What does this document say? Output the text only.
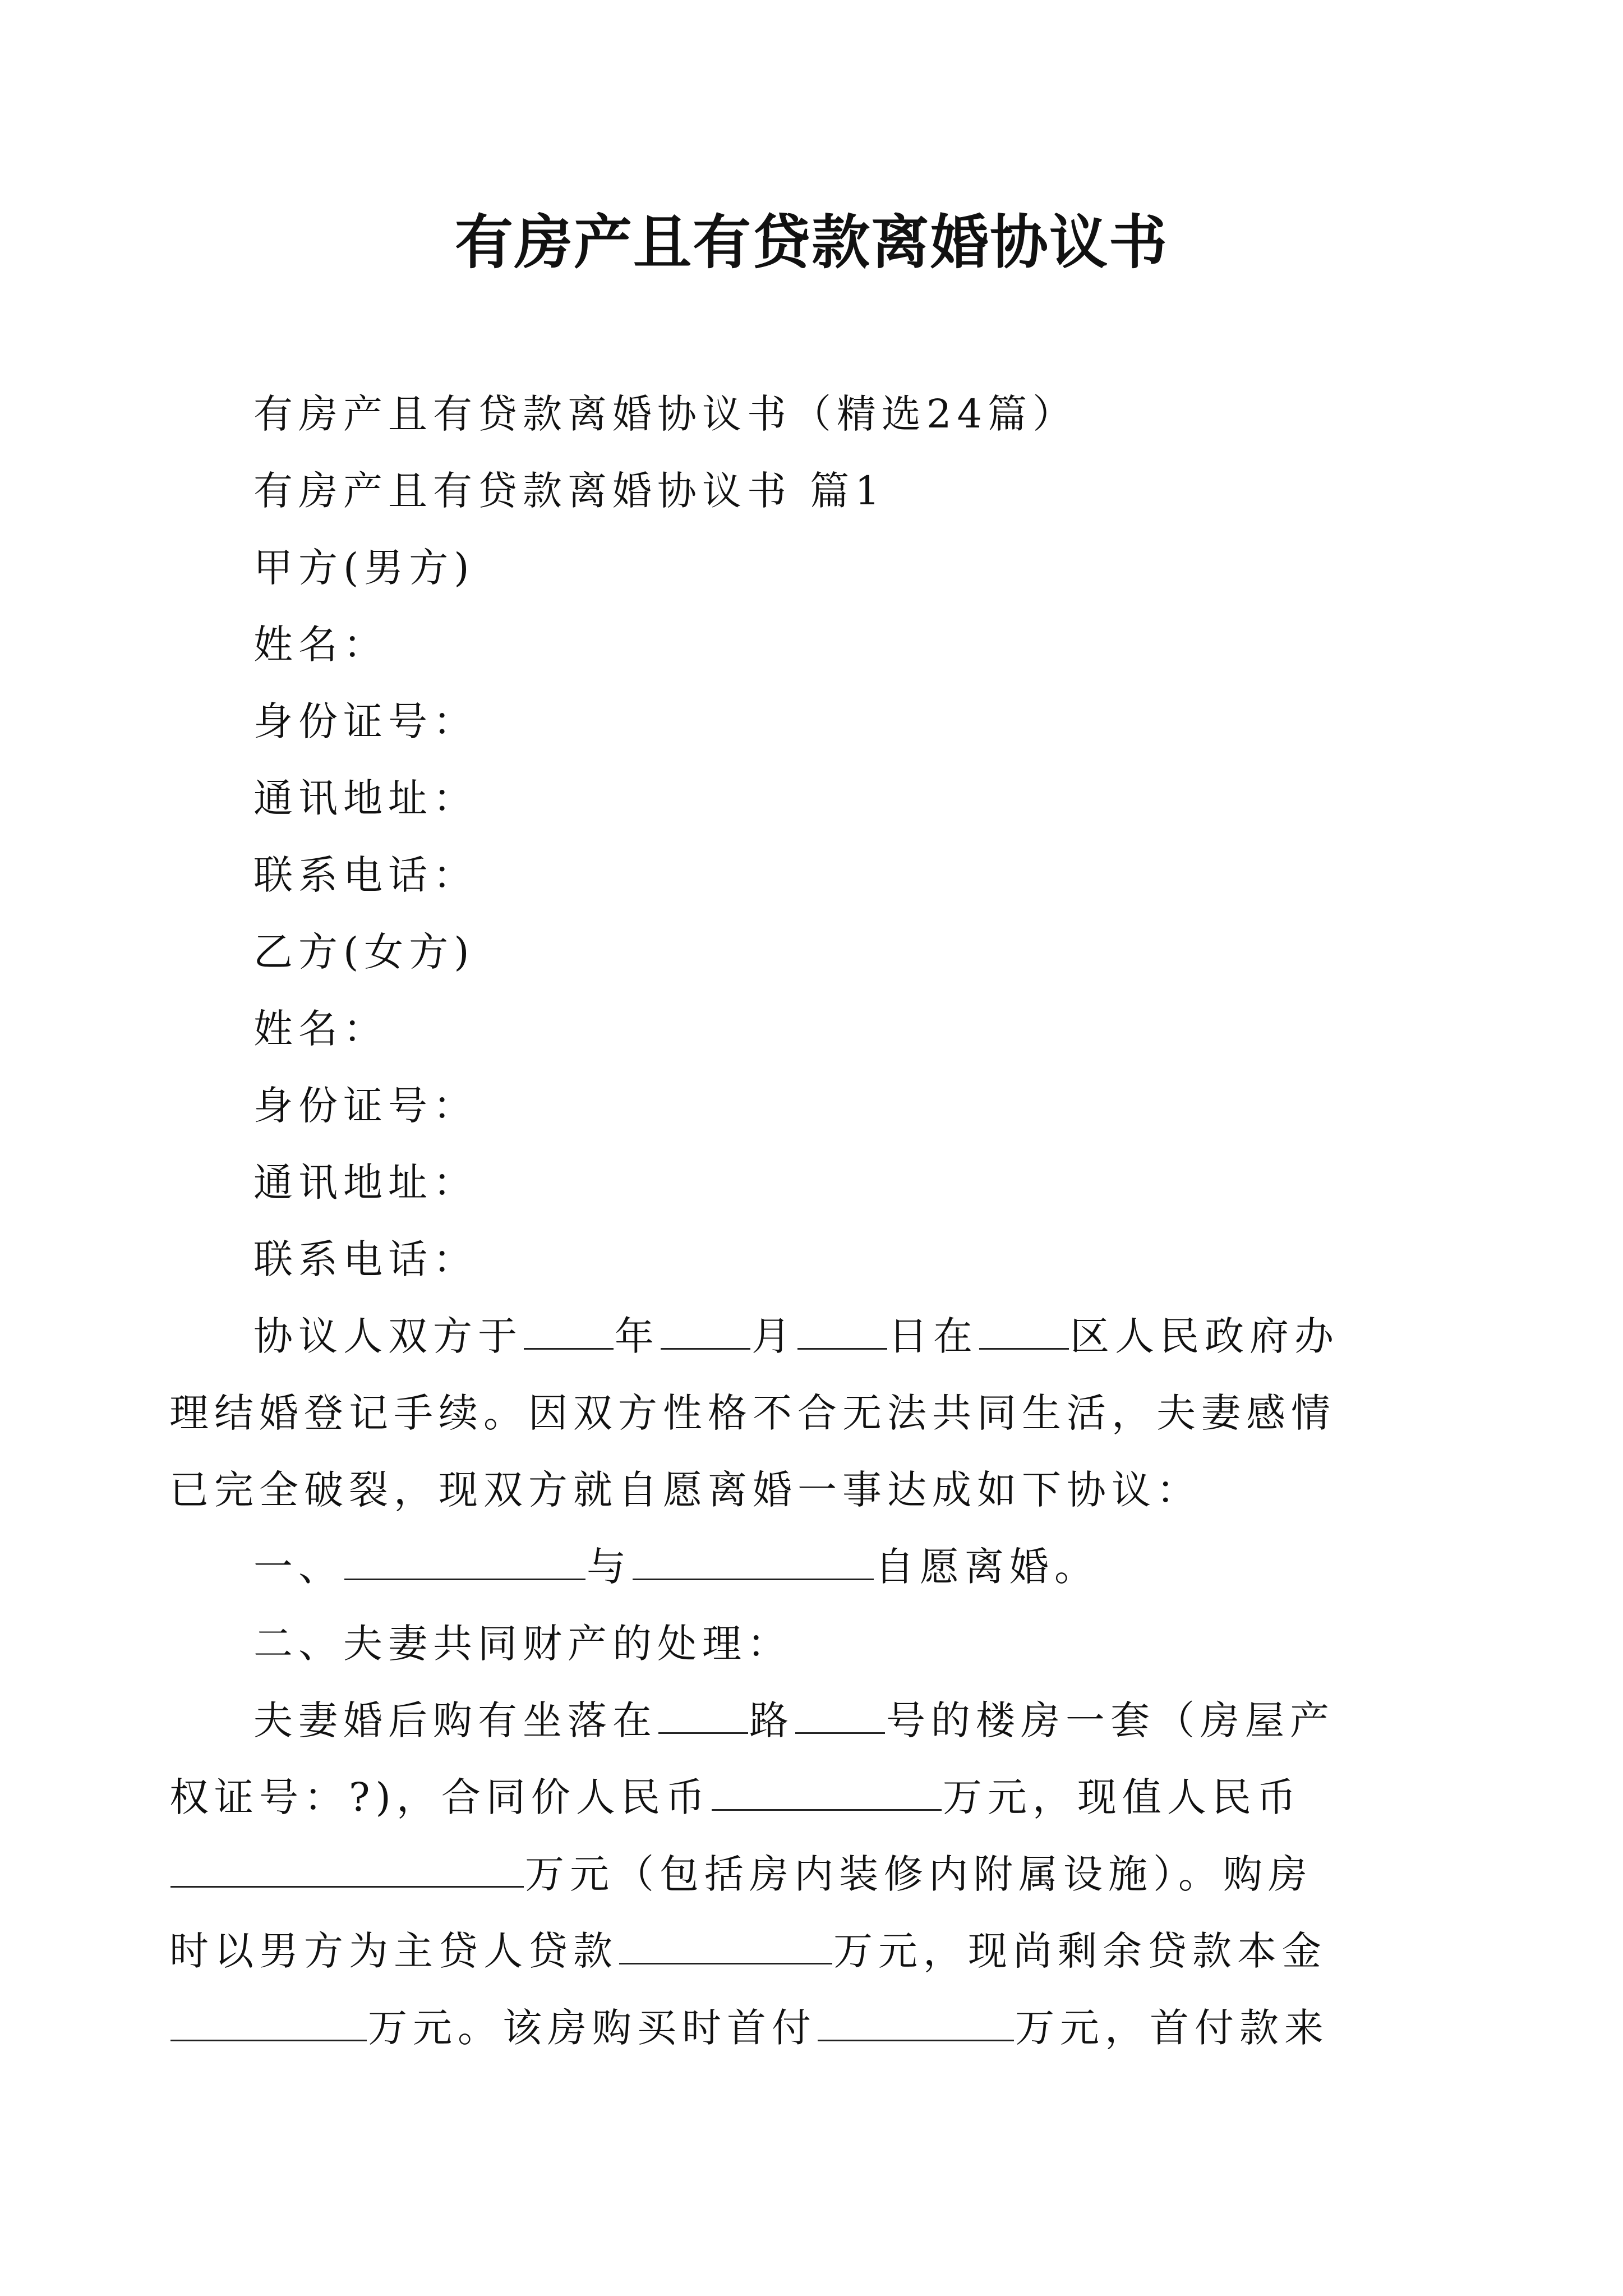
有房产且有贷款离婚协议书
有房产且有贷款离婚协议书（精选24篇）
有房产且有贷款离婚协议书 篇1
甲方(男方)
姓名：
身份证号：
通讯地址：
联系电话：
乙方(女方)
姓名：
身份证号：
通讯地址：
联系电话：
协议人双方于 年 月 日在 区人民政府办
理结婚登记手续。因双方性格不合无法共同生活，夫妻感情
已完全破裂，现双方就自愿离婚一事达成如下协议：
一、	与	自愿离婚。
二、夫妻共同财产的处理：
夫妻婚后购有坐落在 路 号的楼房一套（房屋产
权证号：?)，合同价人民币	万元，现值人民币
万元（包括房内装修内附属设施）。购房
时以男方为主贷人贷款	万元，现尚剩余贷款本金
万元。该房购买时首付	万元，首付款来
